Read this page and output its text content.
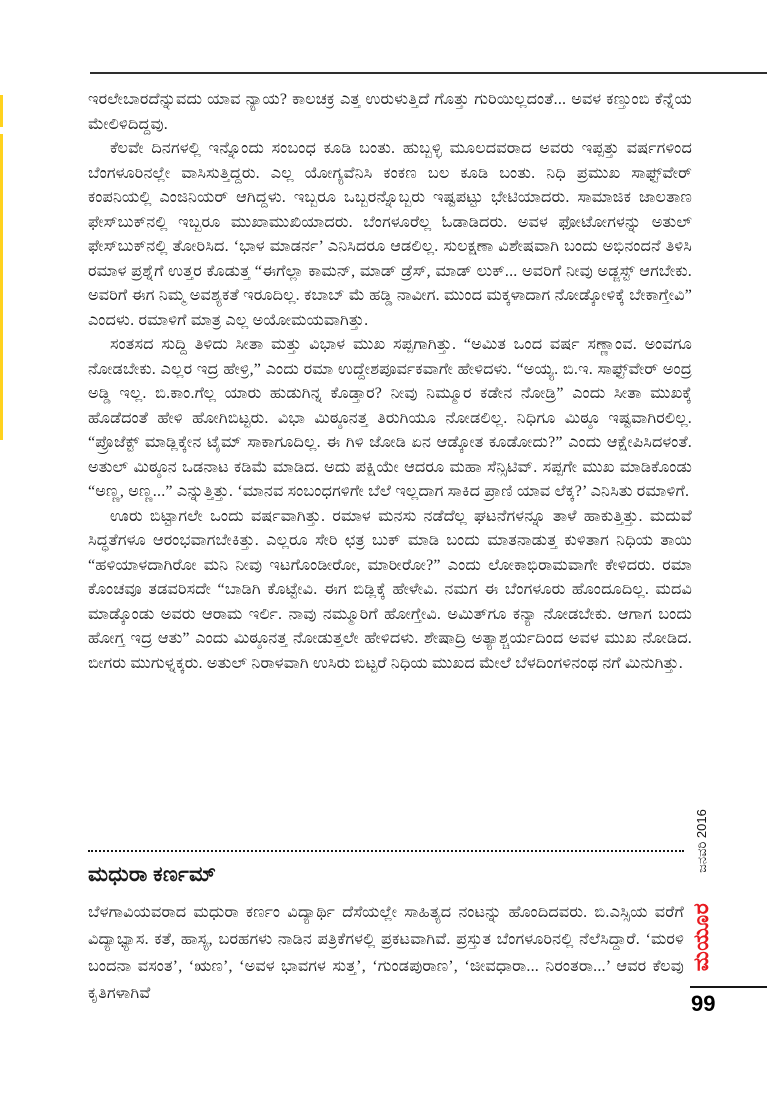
ಇರಲೇಬಾರದೆನ್ನುವದು ಯಾವ ನ್ಯಾಯ? ಕಾಲಚಕ್ರ ಎತ್ತ ಉರುಳುತ್ತಿದೆ ಗೊತ್ತು ಗುರಿಯಿಲ್ಲದಂತೆ... ಅವಳ ಕಣ್ತುಂಬಿ ಕೆನ್ನೆಯ ಮೇಲಿಳಿದಿದ್ದವು.

ಕೆಲವೇ ದಿನಗಳಲ್ಲಿ ಇನ್ನೊಂದು ಸಂಬಂಧ ಕೂಡಿ ಬಂತು. ಹುಬ್ಬಳ್ಳಿ ಮೂಲದವರಾದ ಅವರು ಇಪ್ಪತ್ತು ವರ್ಷಗಳಿಂದ ಬೆಂಗಳೂರಿನಲ್ಲೇ ವಾಸಿಸುತ್ತಿದ್ದರು. ಎಲ್ಲ ಯೋಗ್ಯವೆನಿಸಿ ಕಂಕಣ ಬಲ ಕೂಡಿ ಬಂತು. ನಿಧಿ ಪ್ರಮುಖ ಸಾಫ್ಟ್‌ವೇರ್ ಕಂಪನಿಯಲ್ಲಿ ಎಂಜಿನಿಯರ್ ಆಗಿದ್ದಳು. ಇಬ್ಬರೂ ಒಬ್ಬರನ್ನೊಬ್ಬರು ಇಷ್ಟಪಟ್ಟು ಭೇಟಿಯಾದರು. ಸಾಮಾಜಿಕ ಜಾಲತಾಣ ಫೇಸ್‌ಬುಕ್‌ನಲ್ಲಿ ಇಬ್ಬರೂ ಮುಖಾಮುಖಿಯಾದರು. ಬೆಂಗಳೂರೆಲ್ಲ ಓಡಾಡಿದರು. ಅವಳ ಫೋಟೋಗಳನ್ನು ಅತುಲ್ ಫೇಸ್‌ಬುಕ್‌ನಲ್ಲಿ ತೋರಿಸಿದ. ‘ಭಾಳ ಮಾಡರ್ನ’ ಎನಿಸಿದರೂ ಆಡಲಿಲ್ಲ. ಸುಲಕ್ಷಣಾ ವಿಶೇಷವಾಗಿ ಬಂದು ಅಭಿನಂದನೆ ತಿಳಿಸಿ ರಮಾಳ ಪ್ರಶ್ನೆಗೆ ಉತ್ತರ ಕೊಡುತ್ತ “ಈಗೆಲ್ಲಾ ಕಾಮನ್, ಮಾಡ್ ಡ್ರೆಸ್, ಮಾಡ್ ಲುಕ್... ಅವರಿಗೆ ನೀವು ಅಡ್ಜಸ್ಟ್ ಆಗಬೇಕು. ಅವರಿಗೆ ಈಗ ನಿಮ್ಮ ಅವಶ್ಯಕತೆ ಇರೂದಿಲ್ಲ. ಕಬಾಬ್ ಮೆ ಹಡ್ಡಿ ನಾವೀಗ. ಮುಂದ ಮಕ್ಕಳಾದಾಗ ನೋಡ್ಕೋಳಿಕ್ಕೆ ಬೇಕಾಗ್ತೇವಿ” ಎಂದಳು. ರಮಾಳಿಗೆ ಮಾತ್ರ ಎಲ್ಲ ಅಯೋಮಯವಾಗಿತ್ತು.

ಸಂತಸದ ಸುದ್ದಿ ತಿಳಿದು ಸೀತಾ ಮತ್ತು ವಿಭಾಳ ಮುಖ ಸಪ್ಪಗಾಗಿತ್ತು. “ಅಮಿತ ಒಂದ ವರ್ಷ ಸಣ್ಣಾಂವ. ಅಂವಗೂ ನೋಡಬೇಕು. ಎಲ್ಲರ ಇದ್ರ ಹೇಳ್ರಿ,” ಎಂದು ರಮಾ ಉದ್ದೇಶಪೂರ್ವಕವಾಗೇ ಹೇಳಿದಳು. “ಅಯ್ಯ. ಬಿ.ಇ. ಸಾಫ್ಟ್‌ವೇರ್ ಅಂದ್ರ ಅಡ್ಡಿ ಇಲ್ಲ. ಬಿ.ಕಾಂ.ಗೆಲ್ಲ ಯಾರು ಹುಡುಗಿನ್ನ ಕೊಡ್ತಾರ? ನೀವು ನಿಮ್ಮೂರ ಕಡೇನ ನೋಡ್ರಿ” ಎಂದು ಸೀತಾ ಮುಖಕ್ಕೆ ಹೊಡೆದಂತೆ ಹೇಳಿ ಹೋಗಿಬಿಟ್ಟರು. ವಿಭಾ ಮಿಠ್ಠೂನತ್ತ ತಿರುಗಿಯೂ ನೋಡಲಿಲ್ಲ. ನಿಧಿಗೂ ಮಿಠ್ಠೂ ಇಷ್ಟವಾಗಿರಲಿಲ್ಲ. “ಪ್ರೊಜೆಕ್ಟ್ ಮಾಡ್ಲಿಕ್ಕೇನ ಟೈಮ್ ಸಾಕಾಗೂದಿಲ್ಲ. ಈ ಗಿಳಿ ಜೋಡಿ ಏನ ಆಡ್ಕೋತ ಕೂಡೋದು?” ಎಂದು ಆಕ್ಷೇಪಿಸಿದಳಂತೆ. ಅತುಲ್ ಮಿಠ್ಠೂನ ಒಡನಾಟ ಕಡಿಮೆ ಮಾಡಿದ. ಅದು ಪಕ್ಷಿಯೇ ಆದರೂ ಮಹಾ ಸೆನ್ಸಿಟಿವ್. ಸಪ್ಪಗೇ ಮುಖ ಮಾಡಿಕೊಂಡು “ಅಣ್ಣ, ಅಣ್ಣ...” ಎನ್ನುತ್ತಿತ್ತು. ‘ಮಾನವ ಸಂಬಂಧಗಳಿಗೇ ಬೆಲೆ ಇಲ್ಲದಾಗ ಸಾಕಿದ ಪ್ರಾಣಿ ಯಾವ ಲೆಕ್ಕ?’ ಎನಿಸಿತು ರಮಾಳಿಗೆ.

ಊರು ಬಿಟ್ಟಾಗಲೇ ಒಂದು ವರ್ಷವಾಗಿತ್ತು. ರಮಾಳ ಮನಸು ನಡೆದೆಲ್ಲ ಘಟನೆಗಳನ್ನೂ ತಾಳೆ ಹಾಕುತ್ತಿತ್ತು. ಮದುವೆ ಸಿದ್ಧತೆಗಳೂ ಆರಂಭವಾಗಬೇಕಿತ್ತು. ಎಲ್ಲರೂ ಸೇರಿ ಛತ್ರ ಬುಕ್ ಮಾಡಿ ಬಂದು ಮಾತನಾಡುತ್ತ ಕುಳಿತಾಗ ನಿಧಿಯ ತಾಯಿ “ಹಳಿಯಾಳದಾಗಿರೋ ಮನಿ ನೀವು ಇಟಗೊಂಡೀರೋ, ಮಾರೀರೋ?” ಎಂದು ಲೋಕಾಭಿರಾಮವಾಗೇ ಕೇಳಿದರು. ರಮಾ ಕೊಂಚವೂ ತಡವರಿಸದೇ “ಬಾಡಿಗಿ ಕೊಟ್ಟೇವಿ. ಈಗ ಬಿಡ್ಲಿಕ್ಕೆ ಹೇಳೇವಿ. ನಮಗ ಈ ಬೆಂಗಳೂರು ಹೊಂದೂದಿಲ್ಲ. ಮದವಿ ಮಾಡ್ಕೊಂಡು ಅವರು ಆರಾಮ ಇರ್ಲಿ. ನಾವು ನಮ್ಮೂರಿಗೆ ಹೋಗ್ತೇವಿ. ಅಮಿತ್‌ಗೂ ಕನ್ಯಾ ನೋಡಬೇಕು. ಆಗಾಗ ಬಂದು ಹೋಗ್ತ ಇದ್ರ ಆತು” ಎಂದು ಮಿಠ್ಠೂನತ್ತ ನೋಡುತ್ತಲೇ ಹೇಳಿದಳು. ಶೇಷಾದ್ರಿ ಅತ್ಯಾಶ್ಚರ್ಯದಿಂದ ಅವಳ ಮುಖ ನೋಡಿದ. ಬೀಗರು ಮುಗುಳ್ನಕ್ಕರು. ಅತುಲ್ ನಿರಾಳವಾಗಿ ಉಸಿರು ಬಿಟ್ಟರೆ ನಿಧಿಯ ಮುಖದ ಮೇಲೆ ಬೆಳದಿಂಗಳಿನಂಥ ನಗೆ ಮಿನುಗಿತ್ತು.

ಮಧುರಾ ಕರ್ಣಮ್

ಬೆಳಗಾವಿಯವರಾದ ಮಧುರಾ ಕರ್ಣಂ ವಿದ್ಯಾರ್ಥಿ ದೆಸೆಯಲ್ಲೇ ಸಾಹಿತ್ಯದ ನಂಟನ್ನು ಹೊಂದಿದವರು. ಬಿ.ಎಸ್ಸಿಯ ವರೆಗೆ ವಿದ್ಯಾಭ್ಯಾಸ. ಕತೆ, ಹಾಸ್ಯ, ಬರಹಗಳು ನಾಡಿನ ಪತ್ರಿಕೆಗಳಲ್ಲಿ ಪ್ರಕಟವಾಗಿವೆ. ಪ್ರಸ್ತುತ ಬೆಂಗಳೂರಿನಲ್ಲಿ ನೆಲೆಸಿದ್ದಾರೆ. ‘ಮರಳಿ ಬಂದನಾ ವಸಂತ’, ‘ಋಣ’, ‘ಅವಳ ಭಾವಗಳ ಸುತ್ತ’, ‘ಗುಂಡಪುರಾಣ’, ‘ಜೀವಧಾರಾ... ನಿರಂತರಾ...’ ಆವರ ಕೆಲವು ಕೃತಿಗಳಾಗಿವೆ

ಜನವರಿ 2016
ಮಯೂರ
99
